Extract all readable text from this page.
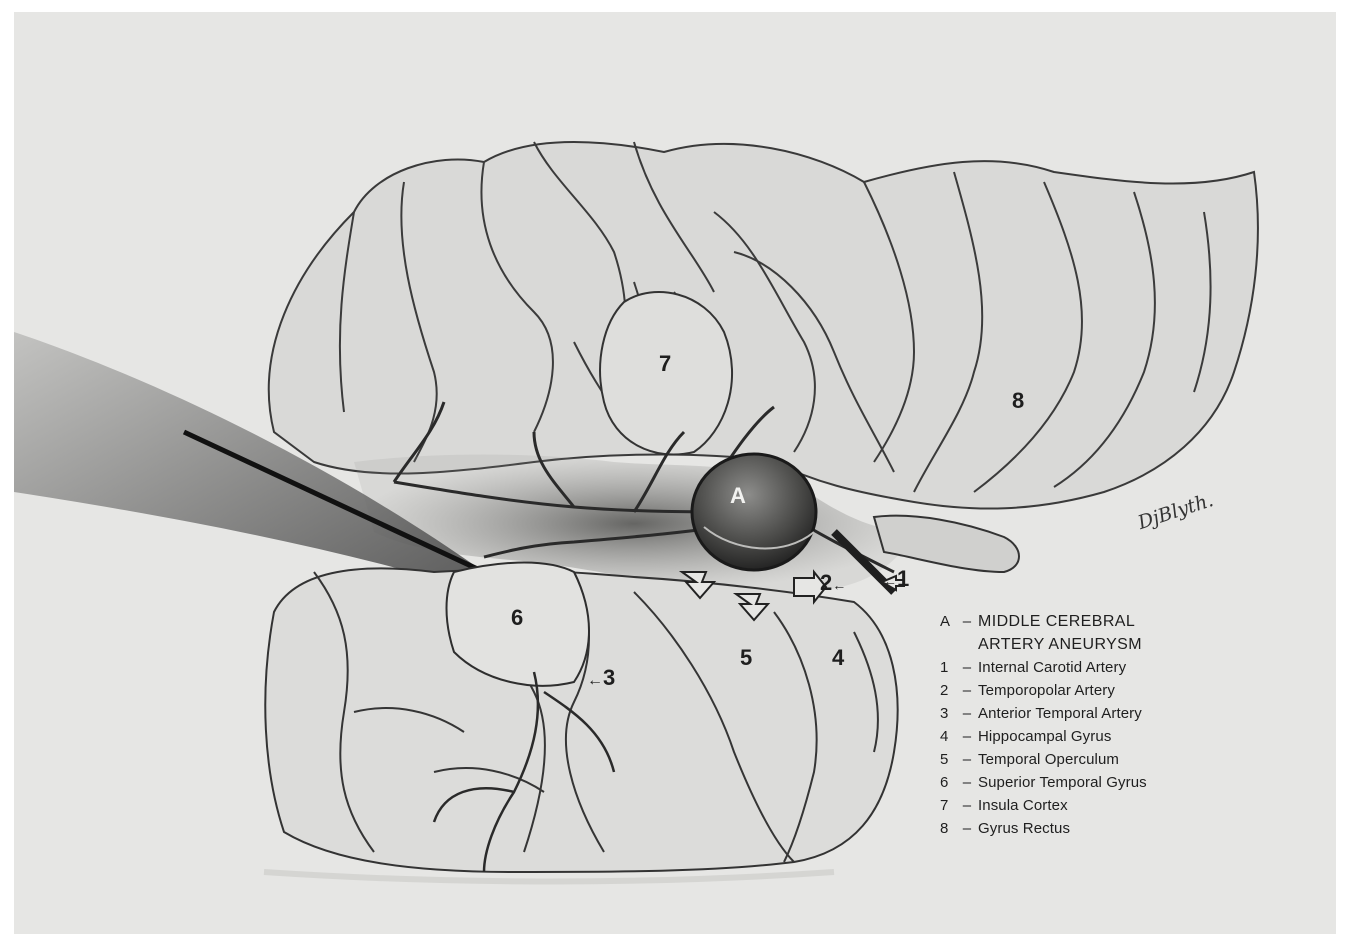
7
8
A
6
5	4
←3
2←	←1
DjBlyth.
A – MIDDLE CEREBRAL ARTERY ANEURYSM
1 – Internal Carotid Artery
2 – Temporopolar Artery
3 – Anterior Temporal Artery
4 – Hippocampal Gyrus
5 – Temporal Operculum
6 – Superior Temporal Gyrus
7 – Insula Cortex
8 – Gyrus Rectus
